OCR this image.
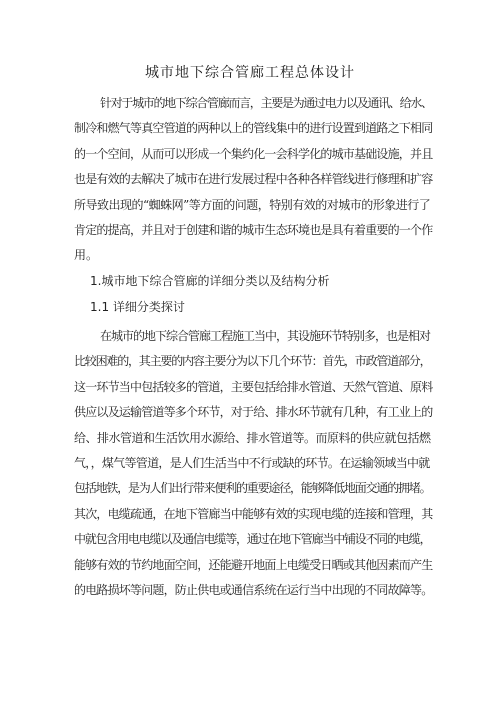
城市地下综合管廊工程总体设计
针对于城市的地下综合管廊而言，主要是为通过电力以及通讯、给水、
制冷和燃气等真空管道的两种以上的管线集中的进行设置到道路之下相同
的一个空间，从而可以形成一个集约化一会科学化的城市基础设施，并且
也是有效的去解决了城市在进行发展过程中各种各样管线进行修理和扩容
所导致出现的“蜘蛛网”等方面的问题，特别有效的对城市的形象进行了
肯定的提高，并且对于创建和谐的城市生态环境也是具有着重要的一个作
用。
1.城市地下综合管廊的详细分类以及结构分析
1.1 详细分类探讨
在城市的地下综合管廊工程施工当中，其设施环节特别多，也是相对
比较困难的，其主要的内容主要分为以下几个环节：首先，市政管道部分，
这一环节当中包括较多的管道，主要包括给排水管道、天然气管道、原料
供应以及运输管道等多个环节，对于给、排水环节就有几种，有工业上的
给、排水管道和生活饮用水源给、排水管道等。而原料的供应就包括燃
气，，煤气等管道，是人们生活当中不行或缺的环节。在运输领域当中就
包括地铁，是为人们出行带来便利的重要途径，能够降低地面交通的拥堵。
其次，电缆疏通，在地下管廊当中能够有效的实现电缆的连接和管理，其
中就包含用电电缆以及通信电缆等，通过在地下管廊当中铺设不同的电缆，
能够有效的节约地面空间，还能避开地面上电缆受日晒或其他因素而产生
的电路损坏等问题，防止供电或通信系统在运行当中出现的不同故障等。
